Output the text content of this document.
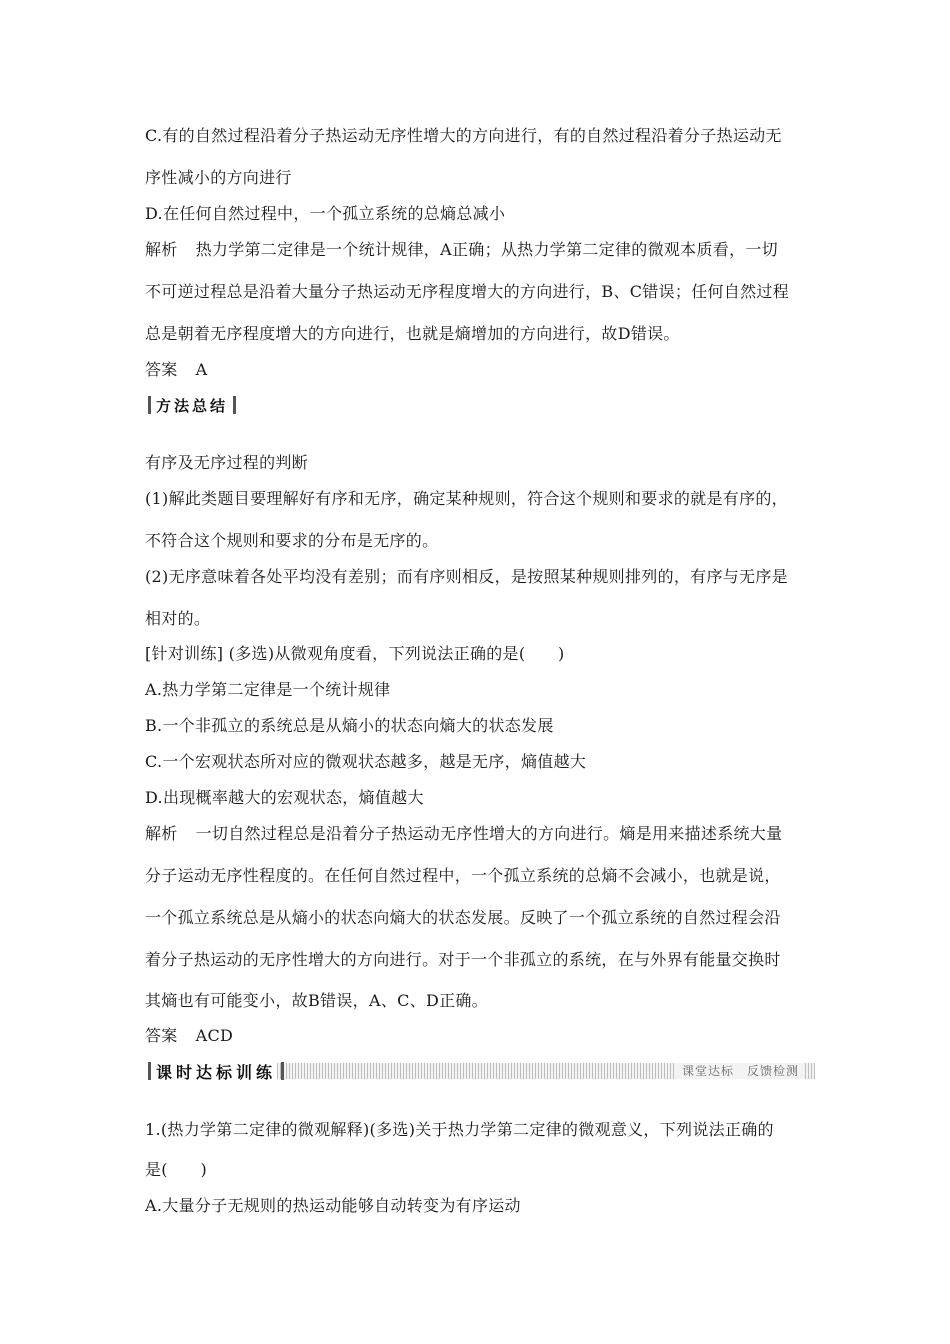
C.有的自然过程沿着分子热运动无序性增大的方向进行，有的自然过程沿着分子热运动无
序性减小的方向进行
D.在任何自然过程中，一个孤立系统的总熵总减小
解析 热力学第二定律是一个统计规律，A正确；从热力学第二定律的微观本质看，一切
不可逆过程总是沿着大量分子热运动无序程度增大的方向进行，B、C错误；任何自然过程
总是朝着无序程度增大的方向进行，也就是熵增加的方向进行，故D错误。
答案 A
方法总结
有序及无序过程的判断
(1)解此类题目要理解好有序和无序，确定某种规则，符合这个规则和要求的就是有序的，
不符合这个规则和要求的分布是无序的。
(2)无序意味着各处平均没有差别；而有序则相反，是按照某种规则排列的，有序与无序是
相对的。
[针对训练] (多选)从微观角度看，下列说法正确的是(　　)
A.热力学第二定律是一个统计规律
B.一个非孤立的系统总是从熵小的状态向熵大的状态发展
C.一个宏观状态所对应的微观状态越多，越是无序，熵值越大
D.出现概率越大的宏观状态，熵值越大
解析 一切自然过程总是沿着分子热运动无序性增大的方向进行。熵是用来描述系统大量
分子运动无序性程度的。在任何自然过程中，一个孤立系统的总熵不会减小，也就是说，
一个孤立系统总是从熵小的状态向熵大的状态发展。反映了一个孤立系统的自然过程会沿
着分子热运动的无序性增大的方向进行。对于一个非孤立的系统，在与外界有能量交换时
其熵也有可能变小，故B错误，A、C、D正确。
答案 ACD
课时达标训练	课堂达标　反馈检测
1.(热力学第二定律的微观解释)(多选)关于热力学第二定律的微观意义，下列说法正确的
是(　　)
A.大量分子无规则的热运动能够自动转变为有序运动
